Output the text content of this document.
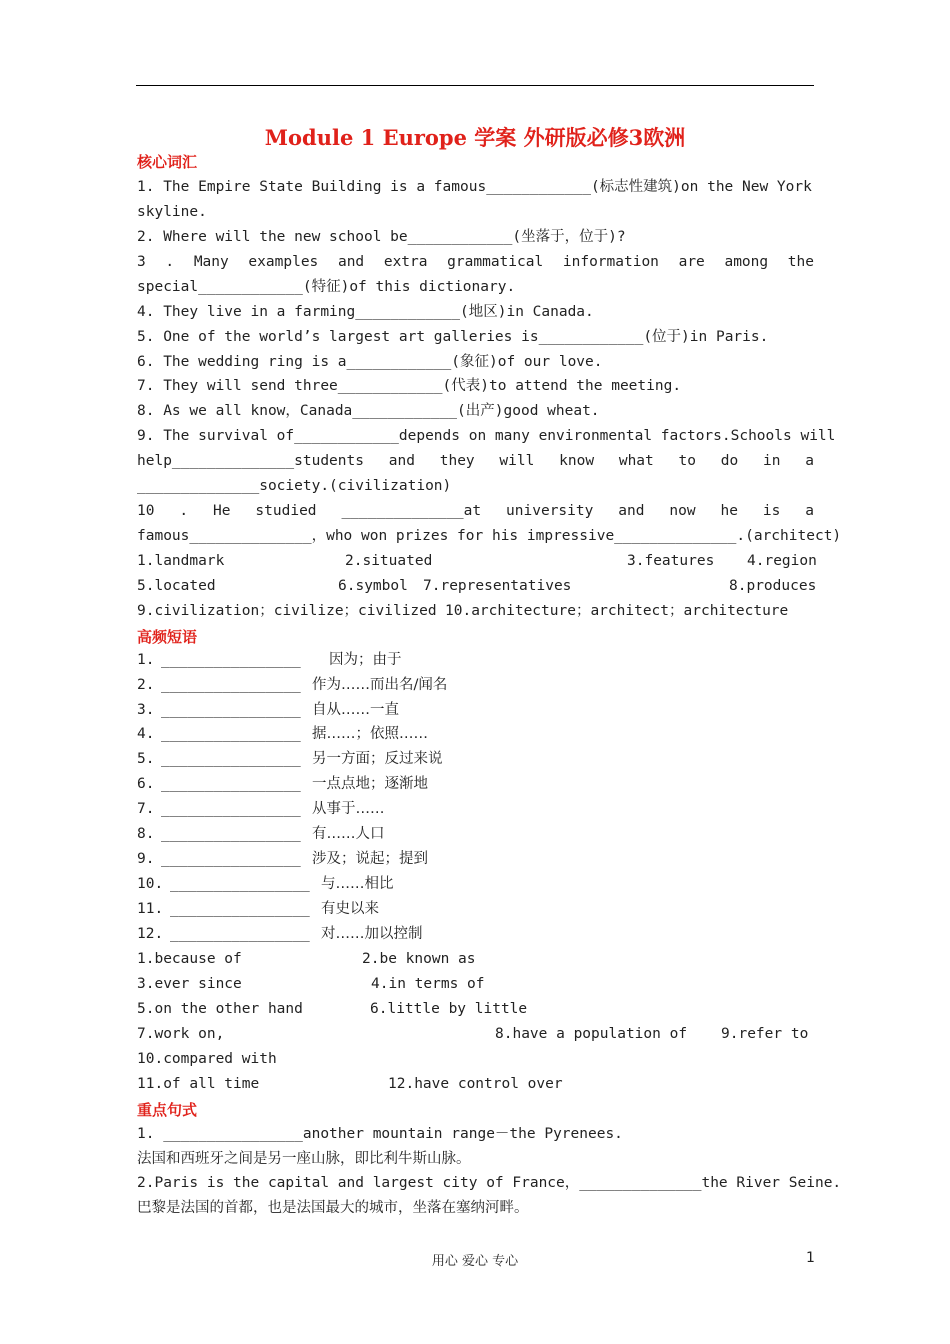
Module 1 Europe 学案 外研版必修3欧洲
核心词汇
1. The Empire State Building is a famous____________(标志性建筑)on the New York
skyline.
2. Where will the new school be____________(坐落于，位于)?
3 . Many examples and extra grammatical information are among the
special____________(特征)of this dictionary.
4. They live in a farming____________(地区)in Canada.
5. One of the world’s largest art galleries is____________(位于)in Paris.
6. The wedding ring is a____________(象征)of our love.
7. They will send three____________(代表)to attend the meeting.
8. As we all know，Canada____________(出产)good wheat.
9. The survival of____________depends on many environmental factors.Schools will
help______________students and they will know what to do in a
______________society.(civilization)
10 . He studied ______________at university and now he is a
famous______________，who won prizes for his impressive______________.(architect)
1.landmark	2.situated	3.features 4.region
5.located	6.symbol 7.representatives	8.produces
9.civilization；civilize；civilized 10.architecture；architect；architecture
高频短语
1. ________________ 因为；由于
2. ________________ 作为……而出名/闻名
3. ________________ 自从……一直
4. ________________ 据……；依照……
5. ________________ 另一方面；反过来说
6. ________________ 一点点地；逐渐地
7. ________________ 从事于……
8. ________________ 有……人口
9. ________________ 涉及；说起；提到
10. ________________ 与……相比
11. ________________ 有史以来
12. ________________ 对……加以控制
1.because of	2.be known as
3.ever since	4.in terms of
5.on the other hand	6.little by little
7.work on,	8.have a population of 9.refer to
10.compared with
11.of all time	12.have control over
重点句式
1. ________________another mountain range－the Pyrenees.
法国和西班牙之间是另一座山脉，即比利牛斯山脉。
2.Paris is the capital and largest city of France，______________the River Seine.
巴黎是法国的首都，也是法国最大的城市，坐落在塞纳河畔。
用心 爱心 专心	1
